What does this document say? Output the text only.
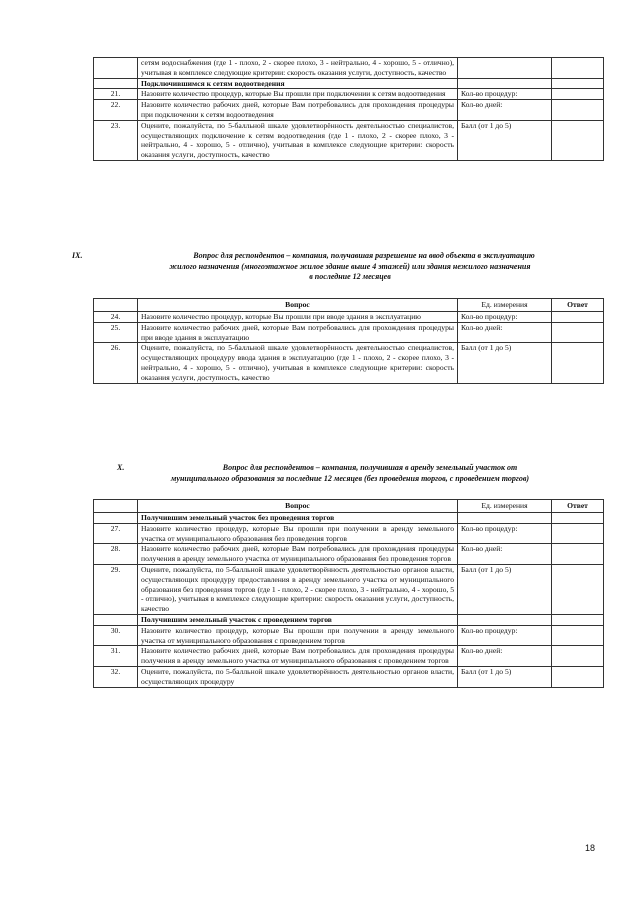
	сетям водоснабжения (где 1 - плохо, 2 - скорее плохо, 3 - нейтрально, 4 - хорошо, 5 - отлично), учитывая в комплексе следующие критерии: скорость оказания услуги, доступность, качество		
	Подключившимся к сетям водоотведения		
21.	Назовите количество процедур, которые Вы прошли при подключении к сетям водоотведения	Кол-во процедур:	
22.	Назовите количество рабочих дней, которые Вам потребовались для прохождения процедуры при подключении к сетям водоотведения	Кол-во дней:	
23.	Оцените, пожалуйста, по 5-балльной шкале удовлетворённость деятельностью специалистов, осуществляющих подключение к сетям водоотведения (где 1 - плохо, 2 - скорее плохо, 3 - нейтрально, 4 - хорошо, 5 - отлично), учитывая в комплексе следующие критерии: скорость оказания услуги, доступность, качество	Балл (от 1 до 5)	
IX.	Вопрос для респондентов – компания, получавшая разрешение на ввод объекта в эксплуатацию
жилого назначения (многоэтажное жилое здание выше 4 этажей) или здания нежилого назначения
в последние 12 месяцев
	Вопрос	Ед. измерения	Ответ
24.	Назовите количество процедур, которые Вы прошли при вводе здания в эксплуатацию	Кол-во процедур:	
25.	Назовите количество рабочих дней, которые Вам потребовались для прохождения процедуры при вводе здания в эксплуатацию	Кол-во дней:	
26.	Оцените, пожалуйста, по 5-балльной шкале удовлетворённость деятельностью специалистов, осуществляющих процедуру ввода здания в эксплуатацию (где 1 - плохо, 2 - скорее плохо, 3 - нейтрально, 4 - хорошо, 5 - отлично), учитывая в комплексе следующие критерии: скорость оказания услуги, доступность, качество	Балл (от 1 до 5)	
X.	Вопрос для респондентов – компания, получившая в аренду земельный участок от
муниципального образования за последние 12 месяцев (без проведения торгов, с проведением торгов)
	Вопрос	Ед. измерения	Ответ
	Получившим земельный участок без проведения торгов		
27.	Назовите количество процедур, которые Вы прошли при получении в аренду земельного участка от муниципального образования без проведения торгов	Кол-во процедур:	
28.	Назовите количество рабочих дней, которые Вам потребовались для прохождения процедуры получения в аренду земельного участка от муниципального образования без проведения торгов	Кол-во дней:	
29.	Оцените, пожалуйста, по 5-балльной шкале удовлетворённость деятельностью органов власти, осуществляющих процедуру предоставления в аренду земельного участка от муниципального образования без проведения торгов (где 1 - плохо, 2 - скорее плохо, 3 - нейтрально, 4 - хорошо, 5 - отлично), учитывая в комплексе следующие критерии: скорость оказания услуги, доступность, качество	Балл (от 1 до 5)	
	Получившим земельный участок с проведением торгов		
30.	Назовите количество процедур, которые Вы прошли при получении в аренду земельного участка от муниципального образования с проведением торгов	Кол-во процедур:	
31.	Назовите количество рабочих дней, которые Вам потребовались для прохождения процедуры получения в аренду земельного участка от муниципального образования с проведением торгов	Кол-во дней:	
32.	Оцените, пожалуйста, по 5-балльной шкале удовлетворённость деятельностью органов власти, осуществляющих процедуру	Балл (от 1 до 5)	
18
